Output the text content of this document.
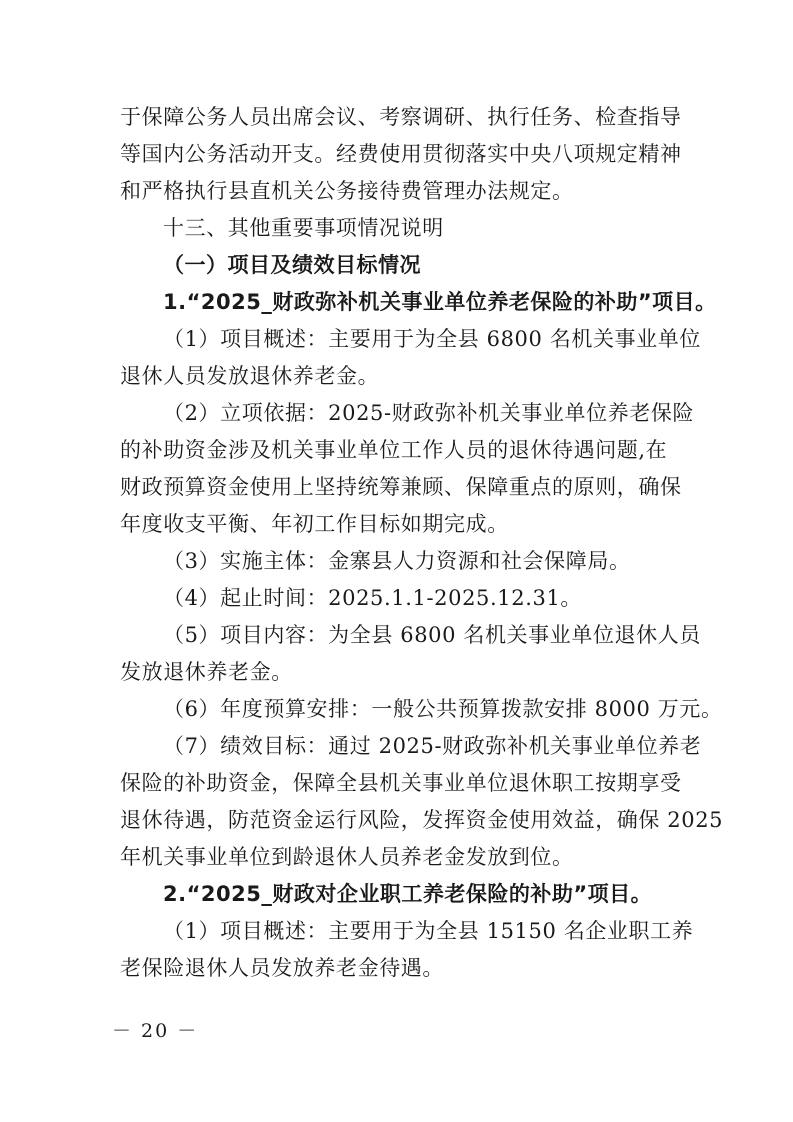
于保障公务人员出席会议、考察调研、执行任务、检查指导
等国内公务活动开支。经费使用贯彻落实中央八项规定精神
和严格执行县直机关公务接待费管理办法规定。
十三、其他重要事项情况说明
（一）项目及绩效目标情况
1.“2025_财政弥补机关事业单位养老保险的补助”项目。
（1）项目概述：主要用于为全县 6800 名机关事业单位
退休人员发放退休养老金。
（2）立项依据：2025-财政弥补机关事业单位养老保险
的补助资金涉及机关事业单位工作人员的退休待遇问题,在
财政预算资金使用上坚持统筹兼顾、保障重点的原则，确保
年度收支平衡、年初工作目标如期完成。
（3）实施主体：金寨县人力资源和社会保障局。
（4）起止时间：2025.1.1-2025.12.31。
（5）项目内容：为全县 6800 名机关事业单位退休人员
发放退休养老金。
（6）年度预算安排：一般公共预算拨款安排 8000 万元。
（7）绩效目标：通过 2025-财政弥补机关事业单位养老
保险的补助资金，保障全县机关事业单位退休职工按期享受
退休待遇，防范资金运行风险，发挥资金使用效益，确保 2025
年机关事业单位到龄退休人员养老金发放到位。
2.“2025_财政对企业职工养老保险的补助”项目。
（1）项目概述：主要用于为全县 15150 名企业职工养
老保险退休人员发放养老金待遇。
－ 20 －
